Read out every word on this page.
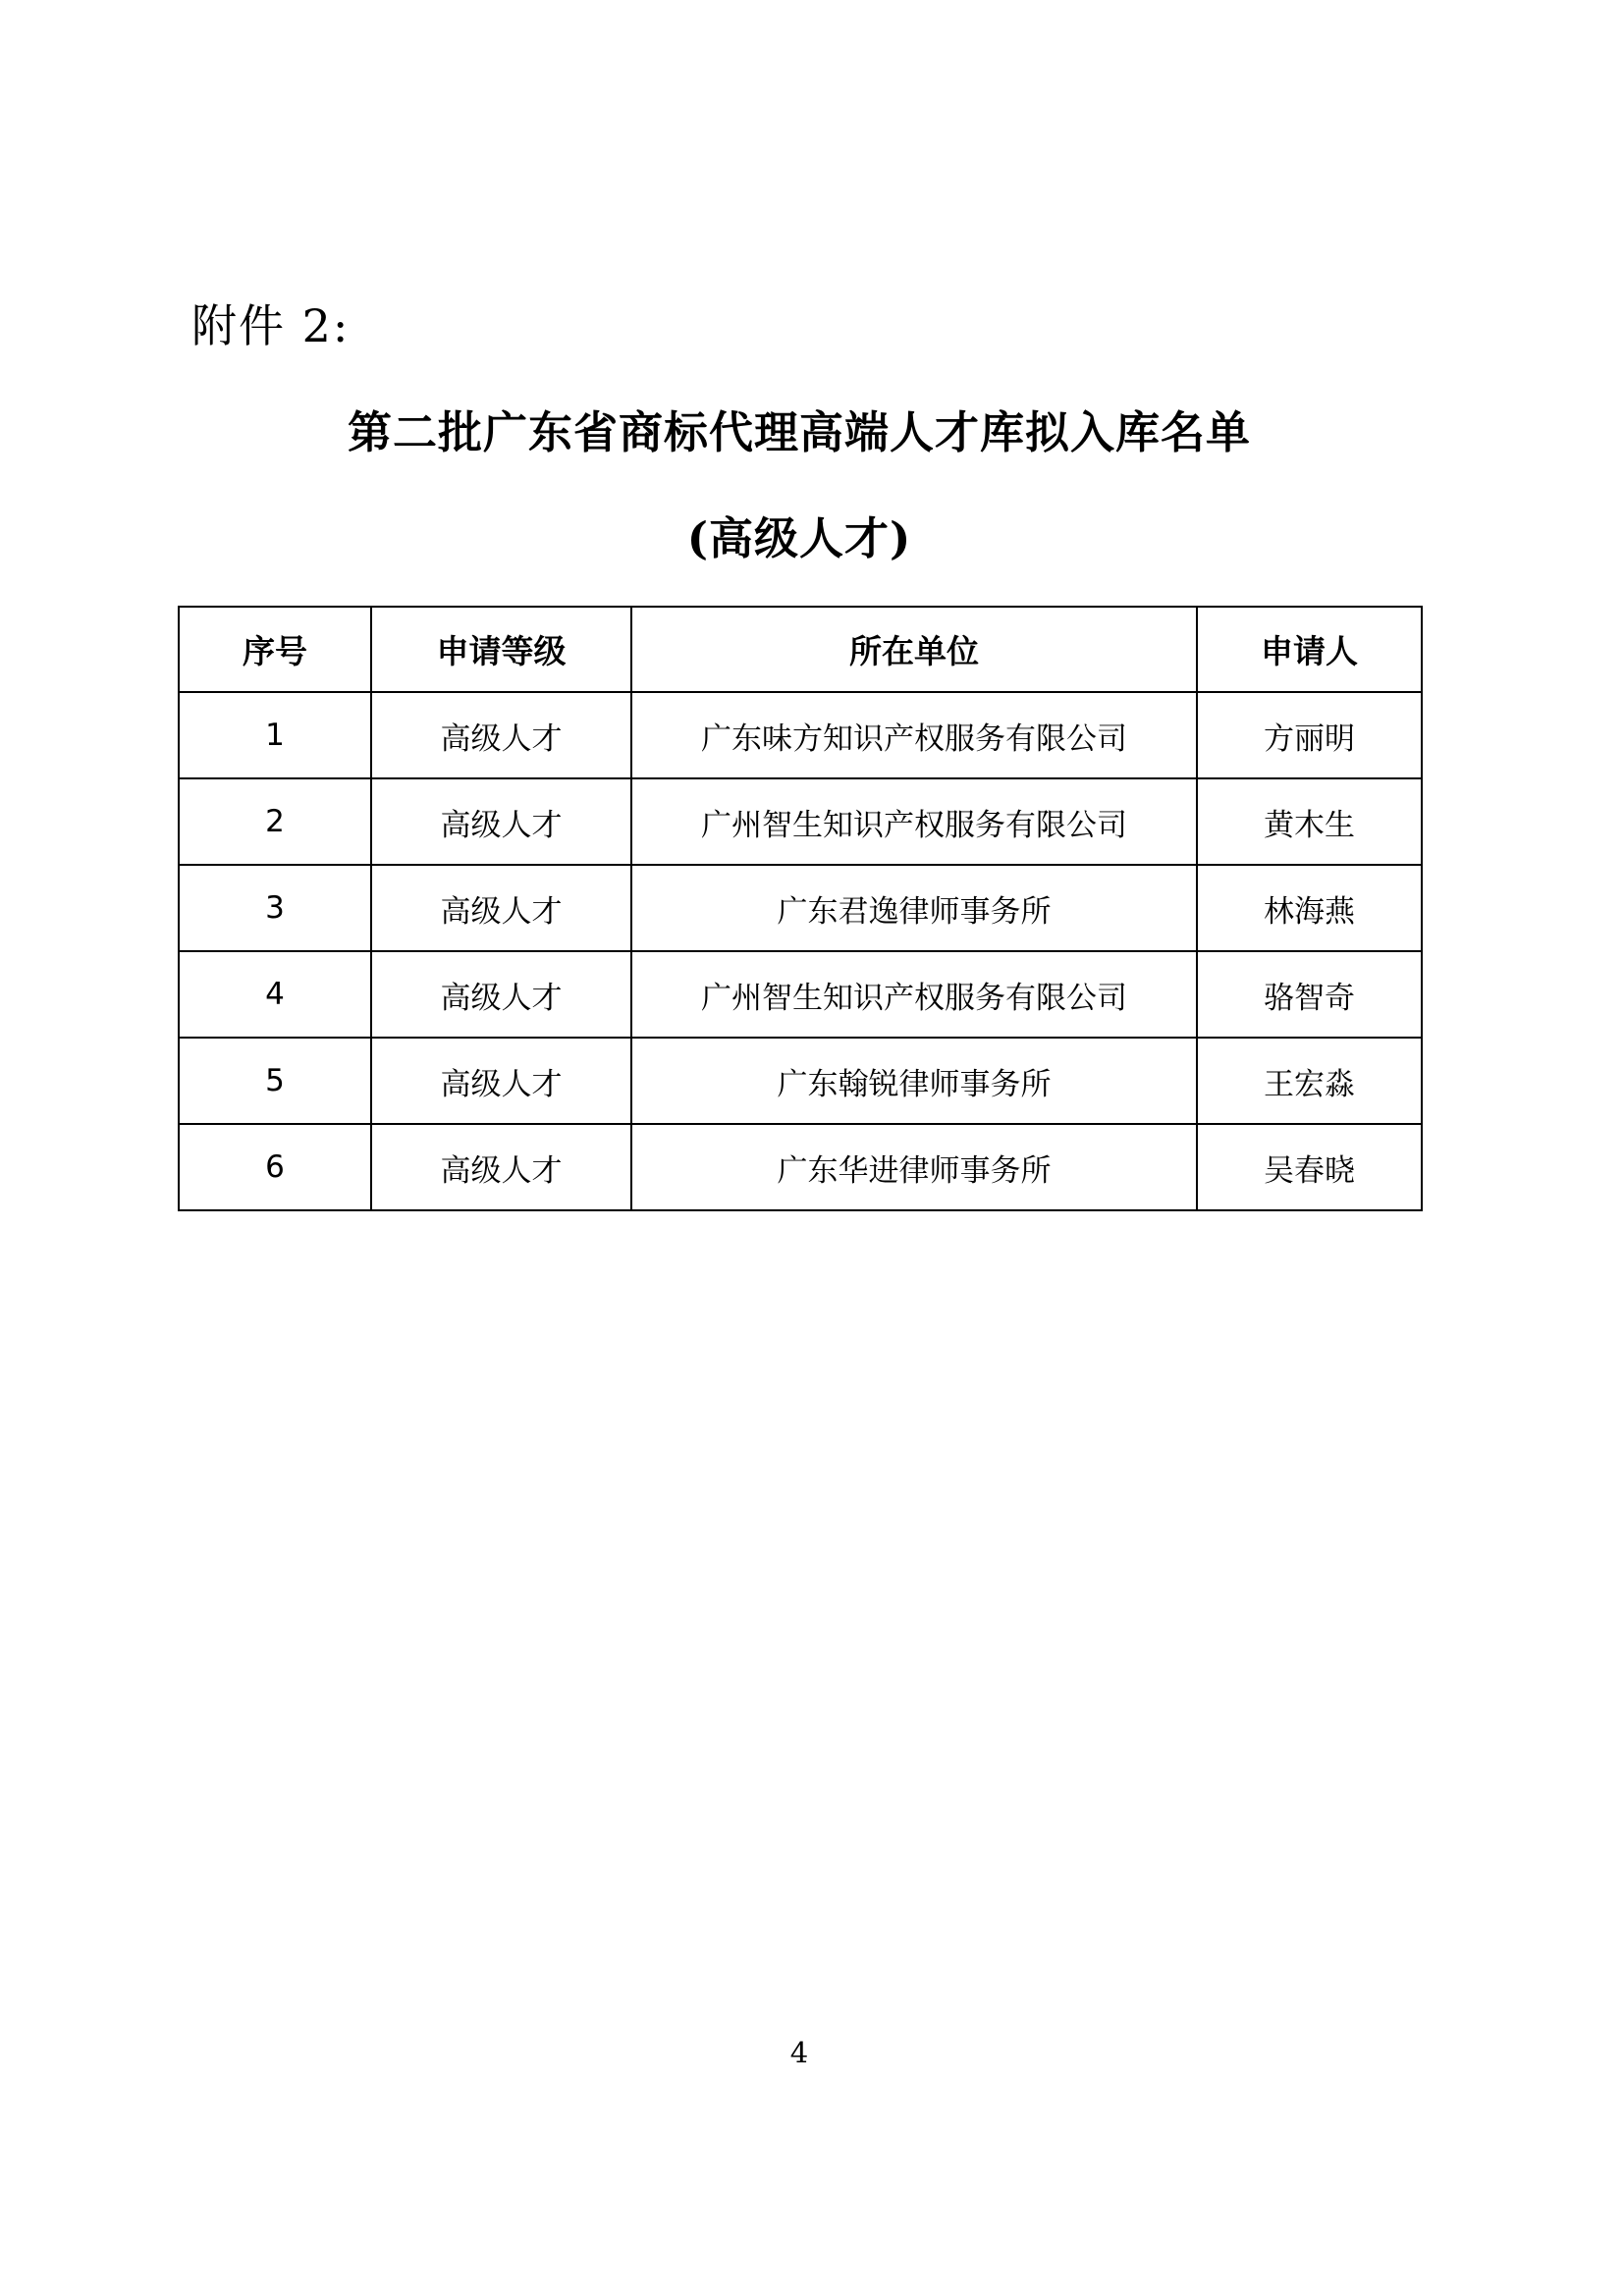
附件 2:
第二批广东省商标代理高端人才库拟入库名单
(高级人才)
序号	申请等级	所在单位	申请人
1	高级人才	广东味方知识产权服务有限公司	方丽明
2	高级人才	广州智生知识产权服务有限公司	黄木生
3	高级人才	广东君逸律师事务所	林海燕
4	高级人才	广州智生知识产权服务有限公司	骆智奇
5	高级人才	广东翰锐律师事务所	王宏淼
6	高级人才	广东华进律师事务所	吴春晓
4
